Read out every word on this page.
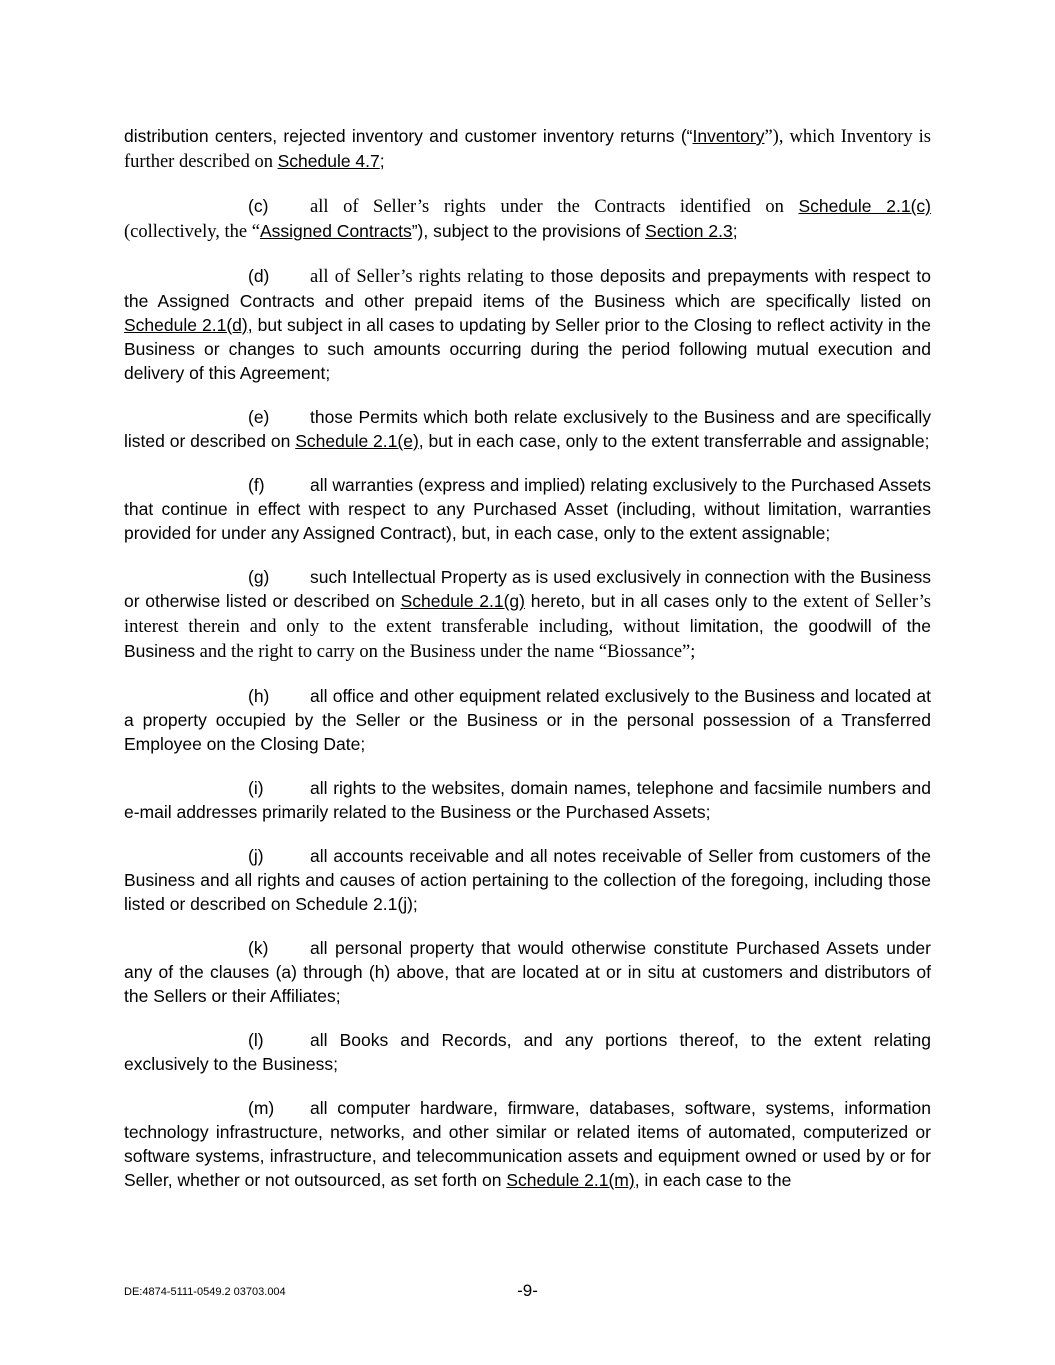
distribution centers, rejected inventory and customer inventory returns (“Inventory”), which Inventory is further described on Schedule 4.7;

(c) all of Seller’s rights under the Contracts identified on Schedule 2.1(c) (collectively, the “Assigned Contracts”), subject to the provisions of Section 2.3;

(d) all of Seller’s rights relating to those deposits and prepayments with respect to the Assigned Contracts and other prepaid items of the Business which are specifically listed on Schedule 2.1(d), but subject in all cases to updating by Seller prior to the Closing to reflect activity in the Business or changes to such amounts occurring during the period following mutual execution and delivery of this Agreement;

(e) those Permits which both relate exclusively to the Business and are specifically listed or described on Schedule 2.1(e), but in each case, only to the extent transferrable and assignable;

(f)	all warranties (express and implied) relating exclusively to the Purchased Assets that continue in effect with respect to any Purchased Asset (including, without limitation, warranties provided for under any Assigned Contract), but, in each case, only to the extent assignable;

(g) such Intellectual Property as is used exclusively in connection with the Business or otherwise listed or described on Schedule 2.1(g) hereto, but in all cases only to the extent of Seller’s interest therein and only to the extent transferable including, without limitation, the goodwill of the Business and the right to carry on the Business under the name “Biossance”;

(h) all office and other equipment related exclusively to the Business and located at a property occupied by the Seller or the Business or in the personal possession of a Transferred Employee on the Closing Date;

(i)	all rights to the websites, domain names, telephone and facsimile numbers and e-mail addresses primarily related to the Business or the Purchased Assets;

(j)	all accounts receivable and all notes receivable of Seller from customers of the Business and all rights and causes of action pertaining to the collection of the foregoing, including those listed or described on Schedule 2.1(j);

(k) all personal property that would otherwise constitute Purchased Assets under any of the clauses (a) through (h) above, that are located at or in situ at customers and distributors of the Sellers or their Affiliates;

(l)	all Books and Records, and any portions thereof, to the extent relating exclusively to the Business;

(m) all computer hardware, firmware, databases, software, systems, information technology infrastructure, networks, and other similar or related items of automated, computerized or software systems, infrastructure, and telecommunication assets and equipment owned or used by or for Seller, whether or not outsourced, as set forth on Schedule 2.1(m), in each case to the

DE:4874-5111-0549.2 03703.004	-9-
